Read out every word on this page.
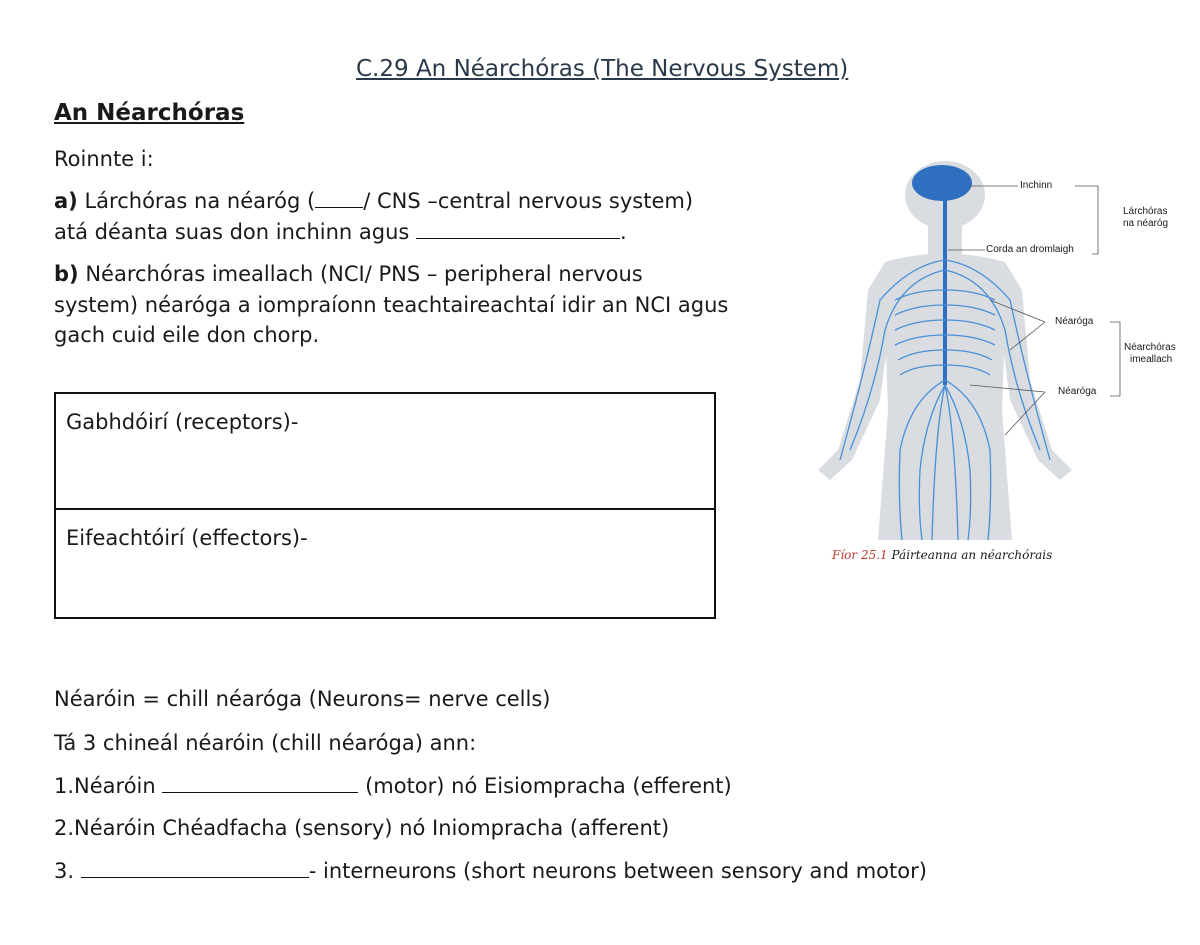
C.29 An Néarchóras (The Nervous System)
An Néarchóras
Roinnte i:
a) Lárchóras na néaróg ( / CNS –central nervous system)
atá déanta suas don inchinn agus	.
b) Néarchóras imeallach (NCI/ PNS – peripheral nervous
system) néaróga a iompraíonn teachtaireachtaí idir an NCI agus
gach cuid eile don chorp.
Gabhdóirí (receptors)-
Eifeachtóirí (effectors)-
Inchinn
Corda an dromlaigh
Néaróga
Néaróga
Lárchóras
na néaróg
Néarchóras
imeallach
Fíor 25.1 Páirteanna an néarchórais
Néaróin = chill néaróga (Neurons= nerve cells)
Tá 3 chineál néaróin (chill néaróga) ann:
1.Néaróin	(motor) nó Eisiompracha (efferent)
2.Néaróin Chéadfacha (sensory) nó Iniompracha (afferent)
3.	- interneurons (short neurons between sensory and motor)
